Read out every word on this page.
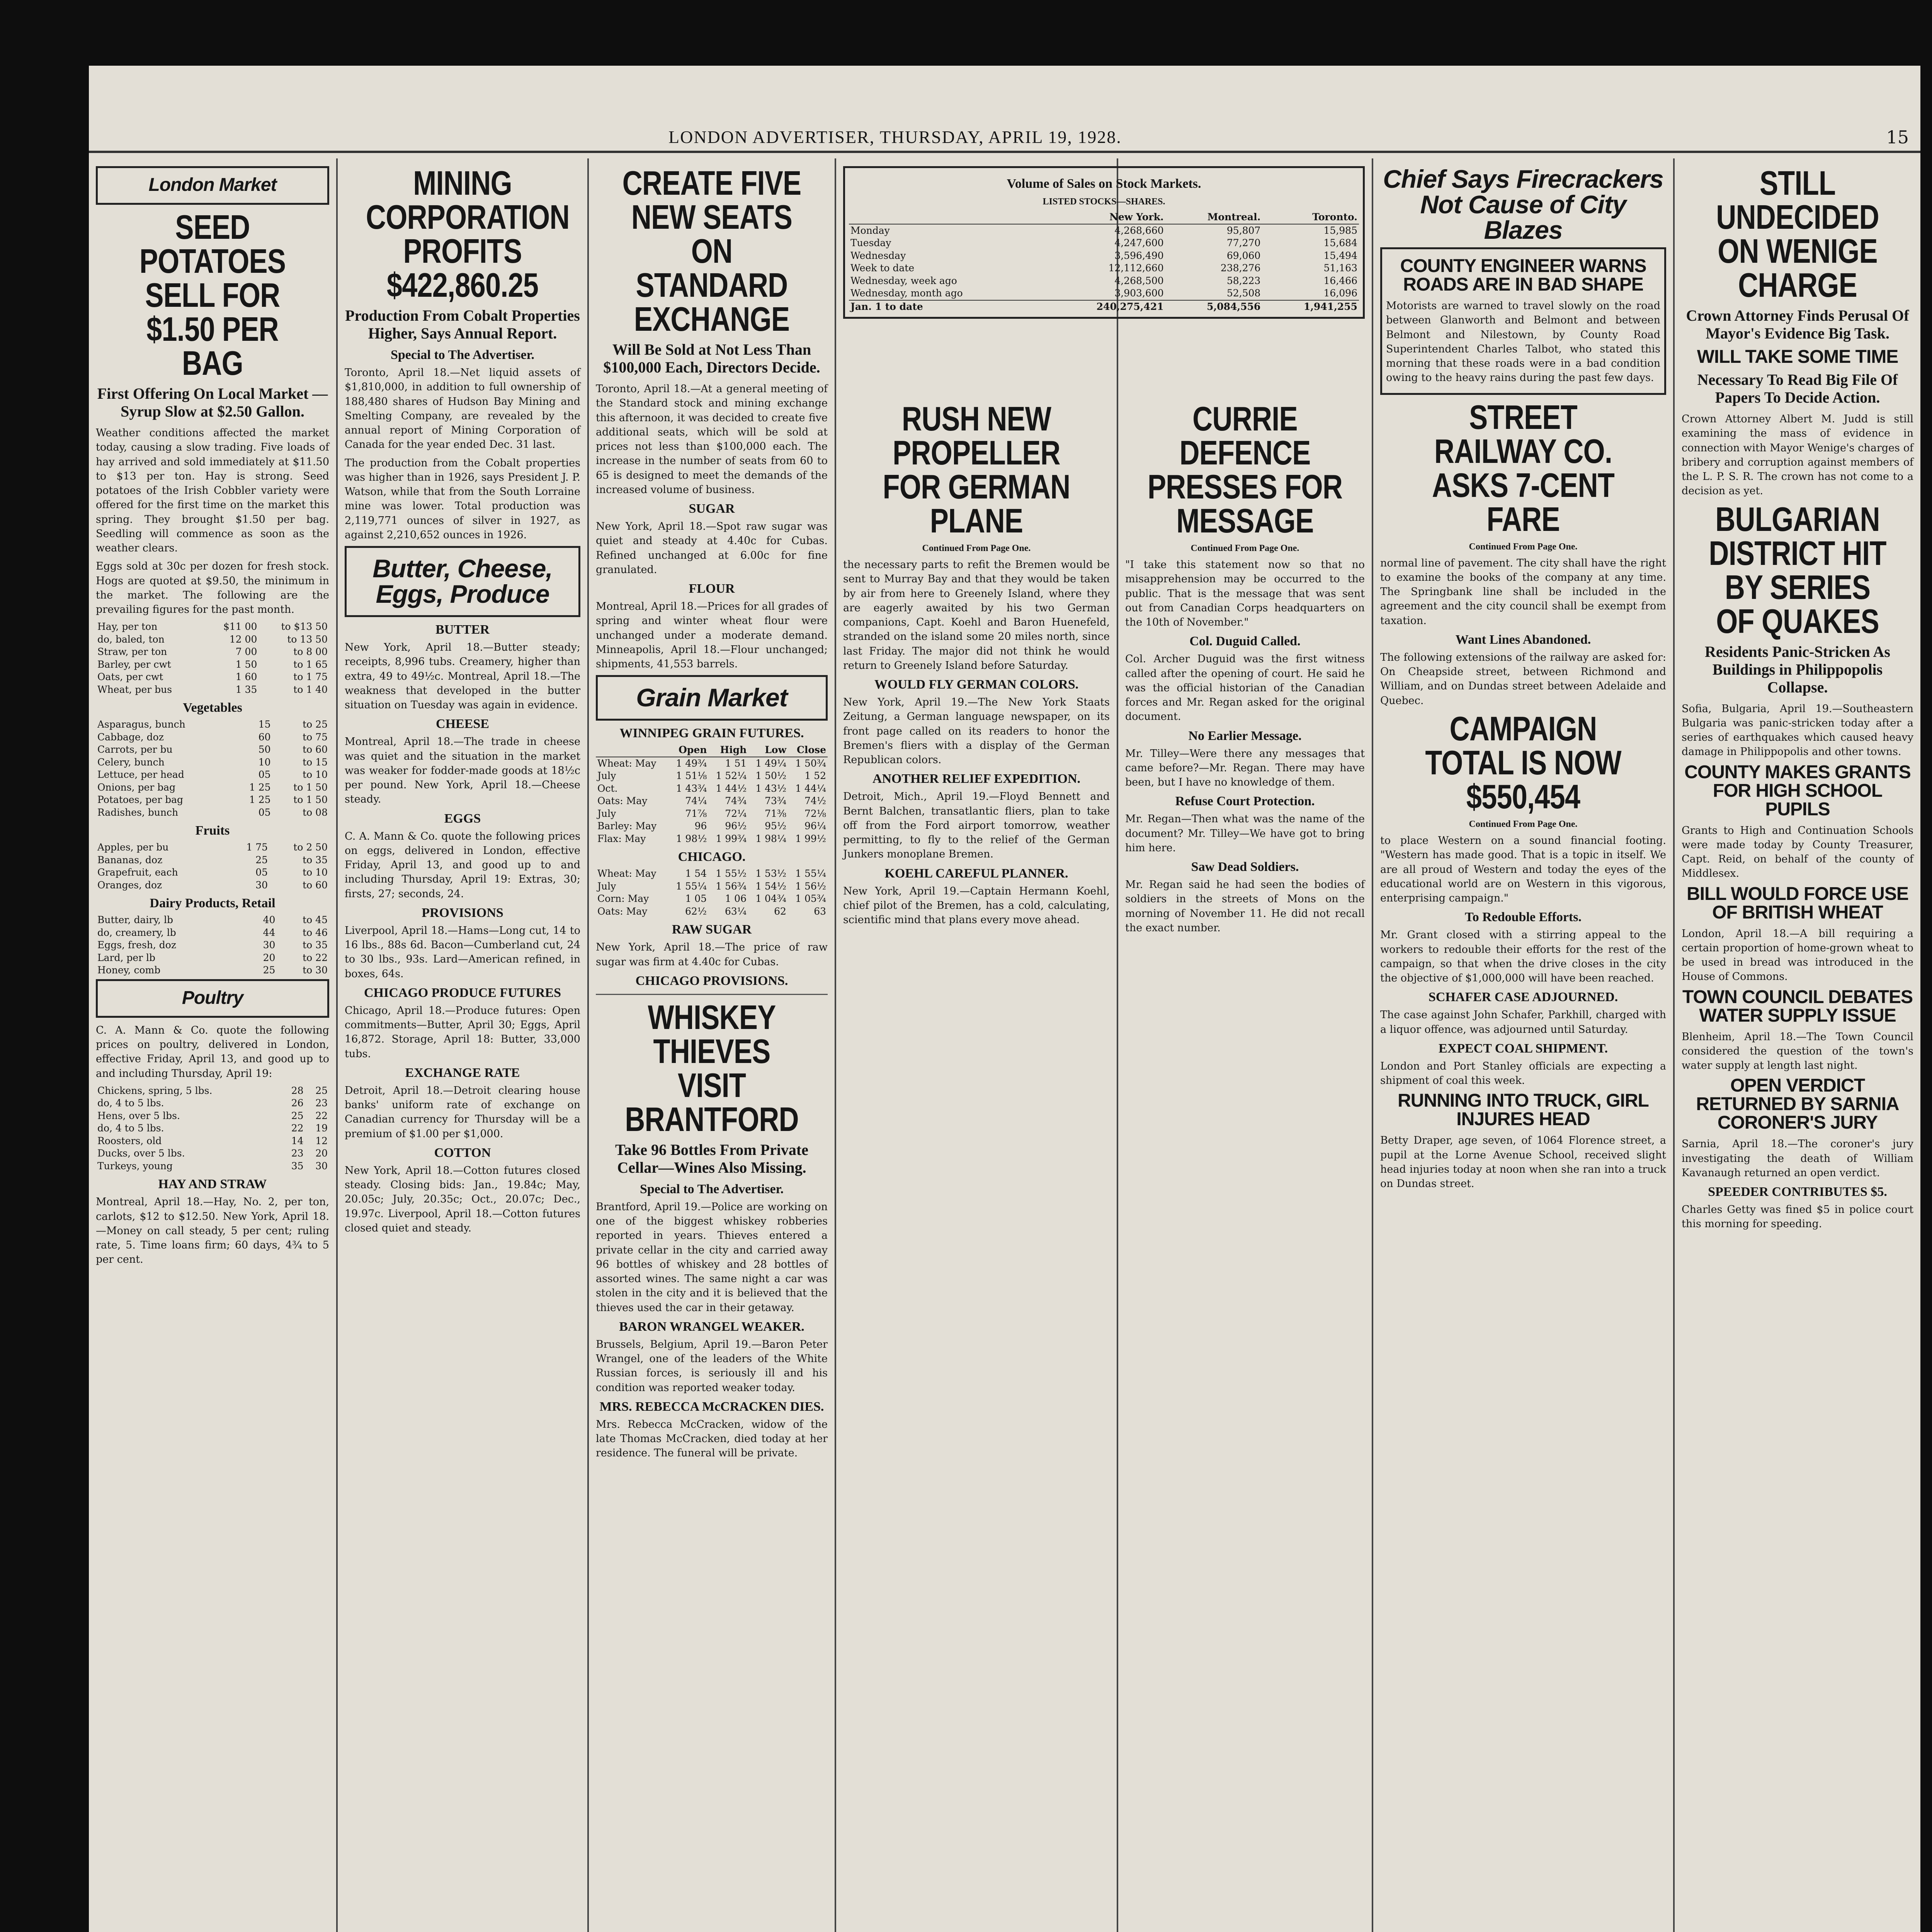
LONDON ADVERTISER, THURSDAY, APRIL 19, 1928.	15
London Market
SEED POTATOES SELL FOR $1.50 PER BAG
First Offering On Local Market —Syrup Slow at $2.50 Gallon.

Weather conditions affected the market today, causing a slow trading. Five loads of hay arrived and sold immediately at $11.50 to $13 per ton. Hay is strong. Seed potatoes of the Irish Cobbler variety were offered for the first time on the market this spring. They brought $1.50 per bag. Seedling will commence as soon as the weather clears.

Eggs sold at 30c per dozen for fresh stock. Hogs are quoted at $9.50, the minimum in the market. The following are the prevailing figures for the past month.

Hay, per ton	$11 00	to $13 50
do, baled, ton	12 00	to 13 50
Straw, per ton	7 00	to 8 00
Barley, per cwt	1 50	to 1 65
Oats, per cwt	1 60	to 1 75
Wheat, per bus	1 35	to 1 40
Vegetables
Asparagus, bunch	15	to 25
Cabbage, doz	60	to 75
Carrots, per bu	50	to 60
Celery, bunch	10	to 15
Lettuce, per head	05	to 10
Onions, per bag	1 25	to 1 50
Potatoes, per bag	1 25	to 1 50
Radishes, bunch	05	to 08
Fruits
Apples, per bu	1 75	to 2 50
Bananas, doz	25	to 35
Grapefruit, each	05	to 10
Oranges, doz	30	to 60
Dairy Products, Retail
Butter, dairy, lb	40	to 45
do, creamery, lb	44	to 46
Eggs, fresh, doz	30	to 35
Lard, per lb	20	to 22
Honey, comb	25	to 30
Poultry

C. A. Mann & Co. quote the following prices on poultry, delivered in London, effective Friday, April 13, and good up to and including Thursday, April 19:

Chickens, spring, 5 lbs.	28	25
do, 4 to 5 lbs.	26	23
Hens, over 5 lbs.	25	22
do, 4 to 5 lbs.	22	19
Roosters, old	14	12
Ducks, over 5 lbs.	23	20
Turkeys, young	35	30
HAY AND STRAW

Montreal, April 18.—Hay, No. 2, per ton, carlots, $12 to $12.50. New York, April 18.—Money on call steady, 5 per cent; ruling rate, 5. Time loans firm; 60 days, 4¾ to 5 per cent.

MINING CORPORATION PROFITS $422,860.25
Production From Cobalt Properties Higher, Says Annual Report.
Special to The Advertiser.

Toronto, April 18.—Net liquid assets of $1,810,000, in addition to full ownership of 188,480 shares of Hudson Bay Mining and Smelting Company, are revealed by the annual report of Mining Corporation of Canada for the year ended Dec. 31 last.

The production from the Cobalt properties was higher than in 1926, says President J. P. Watson, while that from the South Lorraine mine was lower. Total production was 2,119,771 ounces of silver in 1927, as against 2,210,652 ounces in 1926.

Butter, Cheese, Eggs, Produce
BUTTER

New York, April 18.—Butter steady; receipts, 8,996 tubs. Creamery, higher than extra, 49 to 49½c. Montreal, April 18.—The weakness that developed in the butter situation on Tuesday was again in evidence.

CHEESE

Montreal, April 18.—The trade in cheese was quiet and the situation in the market was weaker for fodder-made goods at 18½c per pound. New York, April 18.—Cheese steady.

EGGS

C. A. Mann & Co. quote the following prices on eggs, delivered in London, effective Friday, April 13, and good up to and including Thursday, April 19: Extras, 30; firsts, 27; seconds, 24.

PROVISIONS

Liverpool, April 18.—Hams—Long cut, 14 to 16 lbs., 88s 6d. Bacon—Cumberland cut, 24 to 30 lbs., 93s. Lard—American refined, in boxes, 64s.

CHICAGO PRODUCE FUTURES

Chicago, April 18.—Produce futures: Open commitments—Butter, April 30; Eggs, April 16,872. Storage, April 18: Butter, 33,000 tubs.

EXCHANGE RATE

Detroit, April 18.—Detroit clearing house banks' uniform rate of exchange on Canadian currency for Thursday will be a premium of $1.00 per $1,000.

COTTON

New York, April 18.—Cotton futures closed steady. Closing bids: Jan., 19.84c; May, 20.05c; July, 20.35c; Oct., 20.07c; Dec., 19.97c. Liverpool, April 18.—Cotton futures closed quiet and steady.

CREATE FIVE NEW SEATS ON STANDARD EXCHANGE
Will Be Sold at Not Less Than $100,000 Each, Directors Decide.

Toronto, April 18.—At a general meeting of the Standard stock and mining exchange this afternoon, it was decided to create five additional seats, which will be sold at prices not less than $100,000 each. The increase in the number of seats from 60 to 65 is designed to meet the demands of the increased volume of business.

SUGAR

New York, April 18.—Spot raw sugar was quiet and steady at 4.40c for Cubas. Refined unchanged at 6.00c for fine granulated.

FLOUR

Montreal, April 18.—Prices for all grades of spring and winter wheat flour were unchanged under a moderate demand. Minneapolis, April 18.—Flour unchanged; shipments, 41,553 barrels.

Grain Market
WINNIPEG GRAIN FUTURES.
	Open	High	Low	Close
Wheat: May	1 49¾	1 51	1 49¼	1 50¾
July	1 51⅛	1 52¼	1 50½	1 52
Oct.	1 43¾	1 44½	1 43½	1 44¼
Oats: May	74¼	74¾	73¾	74½
July	71⅞	72¼	71⅜	72⅛
Barley: May	96	96½	95½	96¼
Flax: May	1 98½	1 99¾	1 98¼	1 99½
CHICAGO.
Wheat: May	1 54	1 55½	1 53½	1 55¼
July	1 55¼	1 56¾	1 54½	1 56½
Corn: May	1 05	1 06	1 04¾	1 05¾
Oats: May	62½	63¼	62	63
RAW SUGAR

New York, April 18.—The price of raw sugar was firm at 4.40c for Cubas.

CHICAGO PROVISIONS.
WHISKEY THIEVES VISIT BRANTFORD
Take 96 Bottles From Private Cellar—Wines Also Missing.
Special to The Advertiser.

Brantford, April 19.—Police are working on one of the biggest whiskey robberies reported in years. Thieves entered a private cellar in the city and carried away 96 bottles of whiskey and 28 bottles of assorted wines. The same night a car was stolen in the city and it is believed that the thieves used the car in their getaway.

BARON WRANGEL WEAKER.

Brussels, Belgium, April 19.—Baron Peter Wrangel, one of the leaders of the White Russian forces, is seriously ill and his condition was reported weaker today.

MRS. REBECCA McCRACKEN DIES.

Mrs. Rebecca McCracken, widow of the late Thomas McCracken, died today at her residence. The funeral will be private.

Volume of Sales on Stock Markets.
LISTED STOCKS—SHARES.
	New York.	Montreal.	Toronto.
Monday	4,268,660	95,807	15,985
Tuesday	4,247,600	77,270	15,684
Wednesday	3,596,490	69,060	15,494
Week to date	12,112,660	238,276	51,163
Wednesday, week ago	4,268,500	58,223	16,466
Wednesday, month ago	3,903,600	52,508	16,096
Jan. 1 to date	240,275,421	5,084,556	1,941,255
RUSH NEW PROPELLER FOR GERMAN PLANE
Continued From Page One.

the necessary parts to refit the Bremen would be sent to Murray Bay and that they would be taken by air from here to Greenely Island, where they are eagerly awaited by his two German companions, Capt. Koehl and Baron Huenefeld, stranded on the island some 20 miles north, since last Friday. The major did not think he would return to Greenely Island before Saturday.

WOULD FLY GERMAN COLORS.

New York, April 19.—The New York Staats Zeitung, a German language newspaper, on its front page called on its readers to honor the Bremen's fliers with a display of the German Republican colors.

ANOTHER RELIEF EXPEDITION.

Detroit, Mich., April 19.—Floyd Bennett and Bernt Balchen, transatlantic fliers, plan to take off from the Ford airport tomorrow, weather permitting, to fly to the relief of the German Junkers monoplane Bremen.

KOEHL CAREFUL PLANNER.

New York, April 19.—Captain Hermann Koehl, chief pilot of the Bremen, has a cold, calculating, scientific mind that plans every move ahead.

CURRIE DEFENCE PRESSES FOR MESSAGE
Continued From Page One.

"I take this statement now so that no misapprehension may be occurred to the public. That is the message that was sent out from Canadian Corps headquarters on the 10th of November."

Col. Duguid Called.

Col. Archer Duguid was the first witness called after the opening of court. He said he was the official historian of the Canadian forces and Mr. Regan asked for the original document.

No Earlier Message.

Mr. Tilley—Were there any messages that came before?—Mr. Regan. There may have been, but I have no knowledge of them.

Refuse Court Protection.

Mr. Regan—Then what was the name of the document? Mr. Tilley—We have got to bring him here.

Saw Dead Soldiers.

Mr. Regan said he had seen the bodies of soldiers in the streets of Mons on the morning of November 11. He did not recall the exact number.

Chief Says Firecrackers Not Cause of City Blazes
COUNTY ENGINEER WARNS ROADS ARE IN BAD SHAPE

Motorists are warned to travel slowly on the road between Glanworth and Belmont and between Belmont and Nilestown, by County Road Superintendent Charles Talbot, who stated this morning that these roads were in a bad condition owing to the heavy rains during the past few days.

STREET RAILWAY CO. ASKS 7-CENT FARE
Continued From Page One.

normal line of pavement. The city shall have the right to examine the books of the company at any time. The Springbank line shall be included in the agreement and the city council shall be exempt from taxation.

Want Lines Abandoned.

The following extensions of the railway are asked for: On Cheapside street, between Richmond and William, and on Dundas street between Adelaide and Quebec.

CAMPAIGN TOTAL IS NOW $550,454
Continued From Page One.

to place Western on a sound financial footing. "Western has made good. That is a topic in itself. We are all proud of Western and today the eyes of the educational world are on Western in this vigorous, enterprising campaign."

To Redouble Efforts.

Mr. Grant closed with a stirring appeal to the workers to redouble their efforts for the rest of the campaign, so that when the drive closes in the city the objective of $1,000,000 will have been reached.

SCHAFER CASE ADJOURNED.

The case against John Schafer, Parkhill, charged with a liquor offence, was adjourned until Saturday.

EXPECT COAL SHIPMENT.

London and Port Stanley officials are expecting a shipment of coal this week.

RUNNING INTO TRUCK, GIRL INJURES HEAD

Betty Draper, age seven, of 1064 Florence street, a pupil at the Lorne Avenue School, received slight head injuries today at noon when she ran into a truck on Dundas street.

STILL UNDECIDED ON WENIGE CHARGE
Crown Attorney Finds Perusal Of Mayor's Evidence Big Task.
WILL TAKE SOME TIME
Necessary To Read Big File Of Papers To Decide Action.

Crown Attorney Albert M. Judd is still examining the mass of evidence in connection with Mayor Wenige's charges of bribery and corruption against members of the L. P. S. R. The crown has not come to a decision as yet.

BULGARIAN DISTRICT HIT BY SERIES OF QUAKES
Residents Panic-Stricken As Buildings in Philippopolis Collapse.

Sofia, Bulgaria, April 19.—Southeastern Bulgaria was panic-stricken today after a series of earthquakes which caused heavy damage in Philippopolis and other towns.

COUNTY MAKES GRANTS FOR HIGH SCHOOL PUPILS

Grants to High and Continuation Schools were made today by County Treasurer, Capt. Reid, on behalf of the county of Middlesex.

BILL WOULD FORCE USE OF BRITISH WHEAT

London, April 18.—A bill requiring a certain proportion of home-grown wheat to be used in bread was introduced in the House of Commons.

TOWN COUNCIL DEBATES WATER SUPPLY ISSUE

Blenheim, April 18.—The Town Council considered the question of the town's water supply at length last night.

OPEN VERDICT RETURNED BY SARNIA CORONER'S JURY

Sarnia, April 18.—The coroner's jury investigating the death of William Kavanaugh returned an open verdict.

SPEEDER CONTRIBUTES $5.

Charles Getty was fined $5 in police court this morning for speeding.
